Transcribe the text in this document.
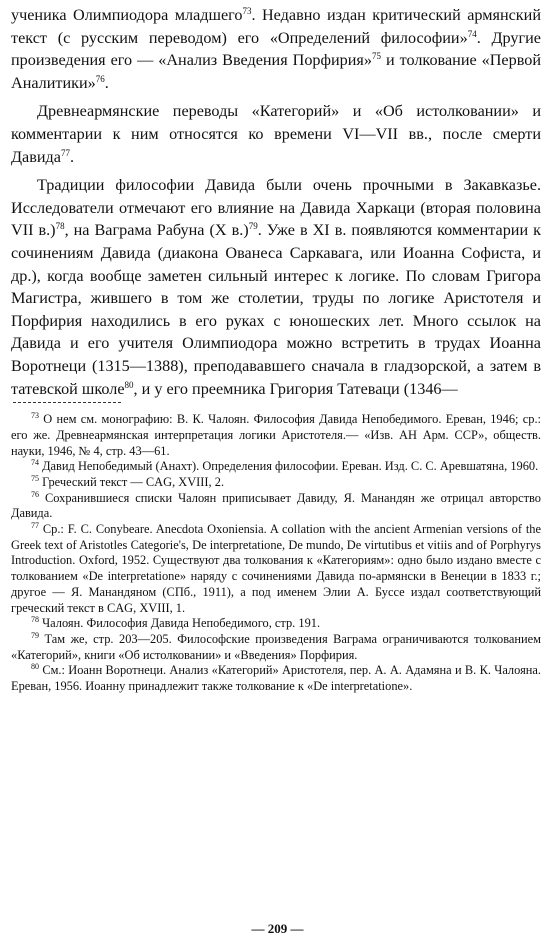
ученика Олимпиодора младшего$^{73}$. Недавно издан критический армянский текст (с русским переводом) его «Определений философии»$^{74}$. Другие произведения его — «Анализ Введения Порфирия»$^{75}$ и толкование «Первой Аналитики»$^{76}$.

Древнеармянские переводы «Категорий» и «Об истолковании» и комментарии к ним относятся ко времени VI—VII вв., после смерти Давида$^{77}$.

Традиции философии Давида были очень прочными в Закавказье. Исследователи отмечают его влияние на Давида Харкаци (вторая половина VII в.)$^{78}$, на Ваграма Рабуна (X в.)$^{79}$. Уже в XI в. появляются комментарии к сочинениям Давида (диакона Ованеса Саркавага, или Иоанна Софиста, и др.), когда вообще заметен сильный интерес к логике. По словам Григора Магистра, жившего в том же столетии, труды по логике Аристотеля и Порфирия находились в его руках с юношеских лет. Много ссылок на Давида и его учителя Олимпиодора можно встретить в трудах Иоанна Воротнеци (1315—1388), преподававшего сначала в гладзорской, а затем в татевской школе$^{80}$, и у его преемника Григория Татеваци (1346—

$^{73}$ О нем см. монографию: В. К. Чалоян. Философия Давида Непобедимого. Ереван, 1946; ср.: его же. Древнеармянская интерпретация логики Аристотеля.— «Изв. АН Арм. ССР», обществ. науки, 1946, № 4, стр. 43—61.

$^{74}$ Давид Непобедимый (Анахт). Определения философии. Ереван. Изд. С. С. Аревшатяна, 1960.

$^{75}$ Греческий текст — CAG, XVIII, 2.

$^{76}$ Сохранившиеся списки Чалоян приписывает Давиду, Я. Манандян же отрицал авторство Давида.

$^{77}$ Ср.: F. C. Conybeare. Anecdota Oxoniensia. A collation with the ancient Armenian versions of the Greek text of Aristotles Categorie's, De interpretatione, De mundo, De virtutibus et vitiis and of Porphyrys Introduction. Oxford, 1952. Существуют два толкования к «Категориям»: одно было издано вместе с толкованием «De interpretatione» наряду с сочинениями Давида по-армянски в Венеции в 1833 г.; другое — Я. Манандяном (СПб., 1911), а под именем Элии А. Буссе издал соответствующий греческий текст в CAG, XVIII, 1.

$^{78}$ Чалоян. Философия Давида Непобедимого, стр. 191.

$^{79}$ Там же, стр. 203—205. Философские произведения Ваграма ограничиваются толкованием «Категорий», книги «Об истолковании» и «Введения» Порфирия.

$^{80}$ См.: Иоанн Воротнеци. Анализ «Категорий» Аристотеля, пер. А. А. Адамяна и В. К. Чалояна. Ереван, 1956. Иоанну принадлежит также толкование к «De interpretatione».

— 209 —
